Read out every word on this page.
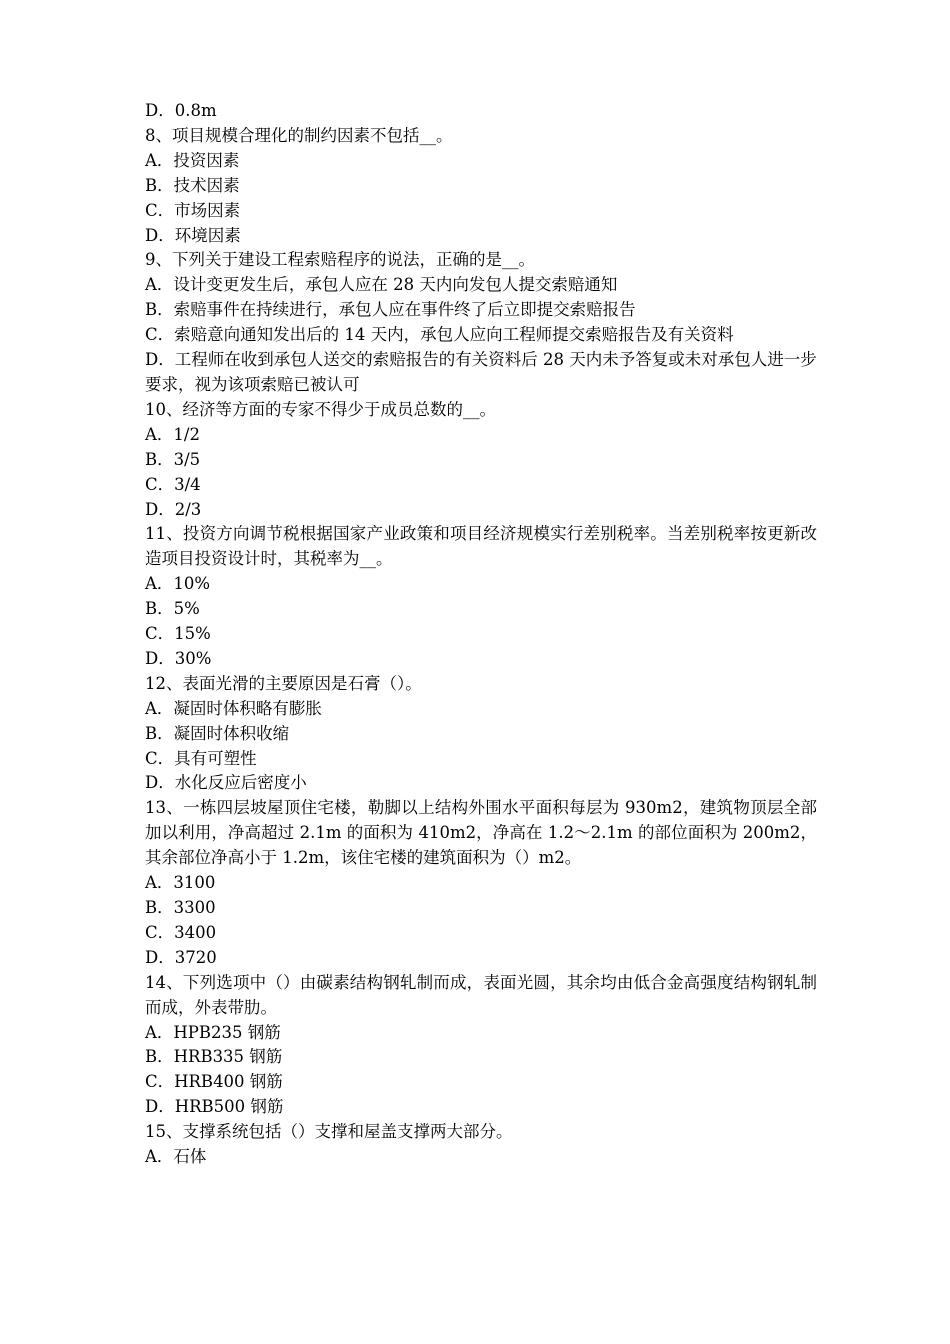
D．0.8m
8、项目规模合理化的制约因素不包括__。
A．投资因素
B．技术因素
C．市场因素
D．环境因素
9、下列关于建设工程索赔程序的说法，正确的是__。
A．设计变更发生后，承包人应在 28 天内向发包人提交索赔通知
B．索赔事件在持续进行，承包人应在事件终了后立即提交索赔报告
C．索赔意向通知发出后的 14 天内，承包人应向工程师提交索赔报告及有关资料
D．工程师在收到承包人送交的索赔报告的有关资料后 28 天内未予答复或未对承包人进一步要求，视为该项索赔已被认可
10、经济等方面的专家不得少于成员总数的__。
A．1/2
B．3/5
C．3/4
D．2/3
11、投资方向调节税根据国家产业政策和项目经济规模实行差别税率。当差别税率按更新改造项目投资设计时，其税率为__。
A．10%
B．5%
C．15%
D．30%
12、表面光滑的主要原因是石膏（）。
A．凝固时体积略有膨胀
B．凝固时体积收缩
C．具有可塑性
D．水化反应后密度小
13、一栋四层坡屋顶住宅楼，勒脚以上结构外围水平面积每层为 930m2，建筑物顶层全部加以利用，净高超过 2.1m 的面积为 410m2，净高在 1.2～2.1m 的部位面积为 200m2，其余部位净高小于 1.2m，该住宅楼的建筑面积为（）m2。
A．3100
B．3300
C．3400
D．3720
14、下列选项中（）由碳素结构钢轧制而成，表面光圆，其余均由低合金高强度结构钢轧制而成，外表带肋。
A．HPB235 钢筋
B．HRB335 钢筋
C．HRB400 钢筋
D．HRB500 钢筋
15、支撑系统包括（）支撑和屋盖支撑两大部分。
A．石体
